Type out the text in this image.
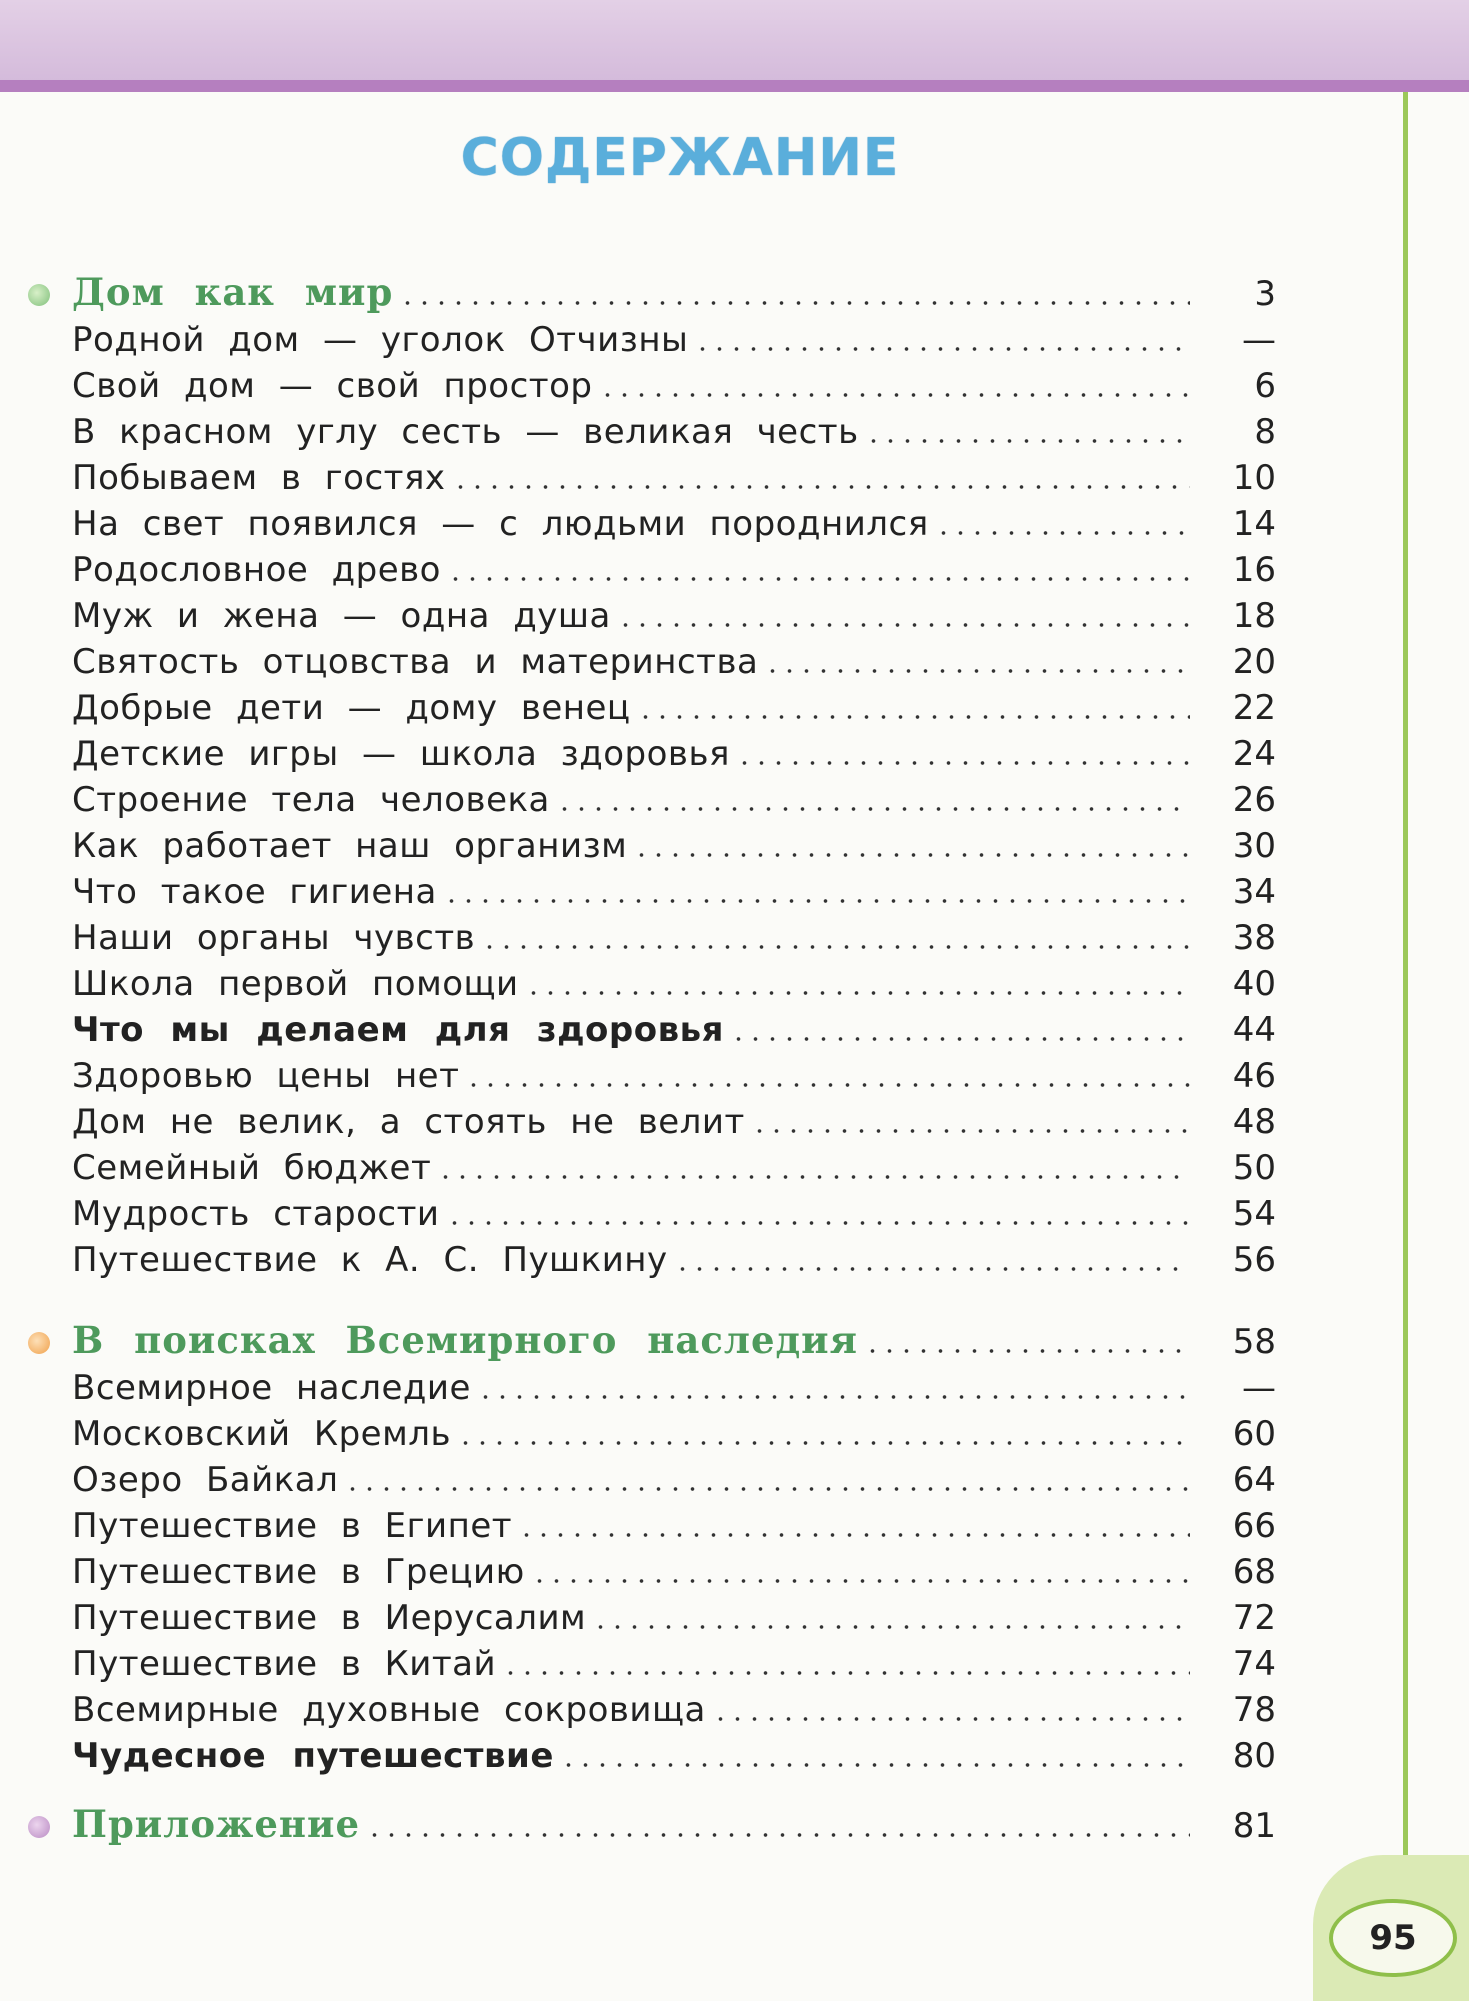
95
СОДЕРЖАНИЕ
Дом как мир	3
Родной дом — уголок Отчизны	—
Свой дом — свой простор	6
В красном углу сесть — великая честь	8
Побываем в гостях	10
На свет появился — с людьми породнился	14
Родословное древо	16
Муж и жена — одна душа	18
Святость отцовства и материнства	20
Добрые дети — дому венец	22
Детские игры — школа здоровья	24
Строение тела человека	26
Как работает наш организм	30
Что такое гигиена	34
Наши органы чувств	38
Школа первой помощи	40
Что мы делаем для здоровья	44
Здоровью цены нет	46
Дом не велик, а стоять не велит	48
Семейный бюджет	50
Мудрость старости	54
Путешествие к А. С. Пушкину	56
В поисках Всемирного наследия	58
Всемирное наследие	—
Московский Кремль	60
Озеро Байкал	64
Путешествие в Египет	66
Путешествие в Грецию	68
Путешествие в Иерусалим	72
Путешествие в Китай	74
Всемирные духовные сокровища	78
Чудесное путешествие	80
Приложение	81
